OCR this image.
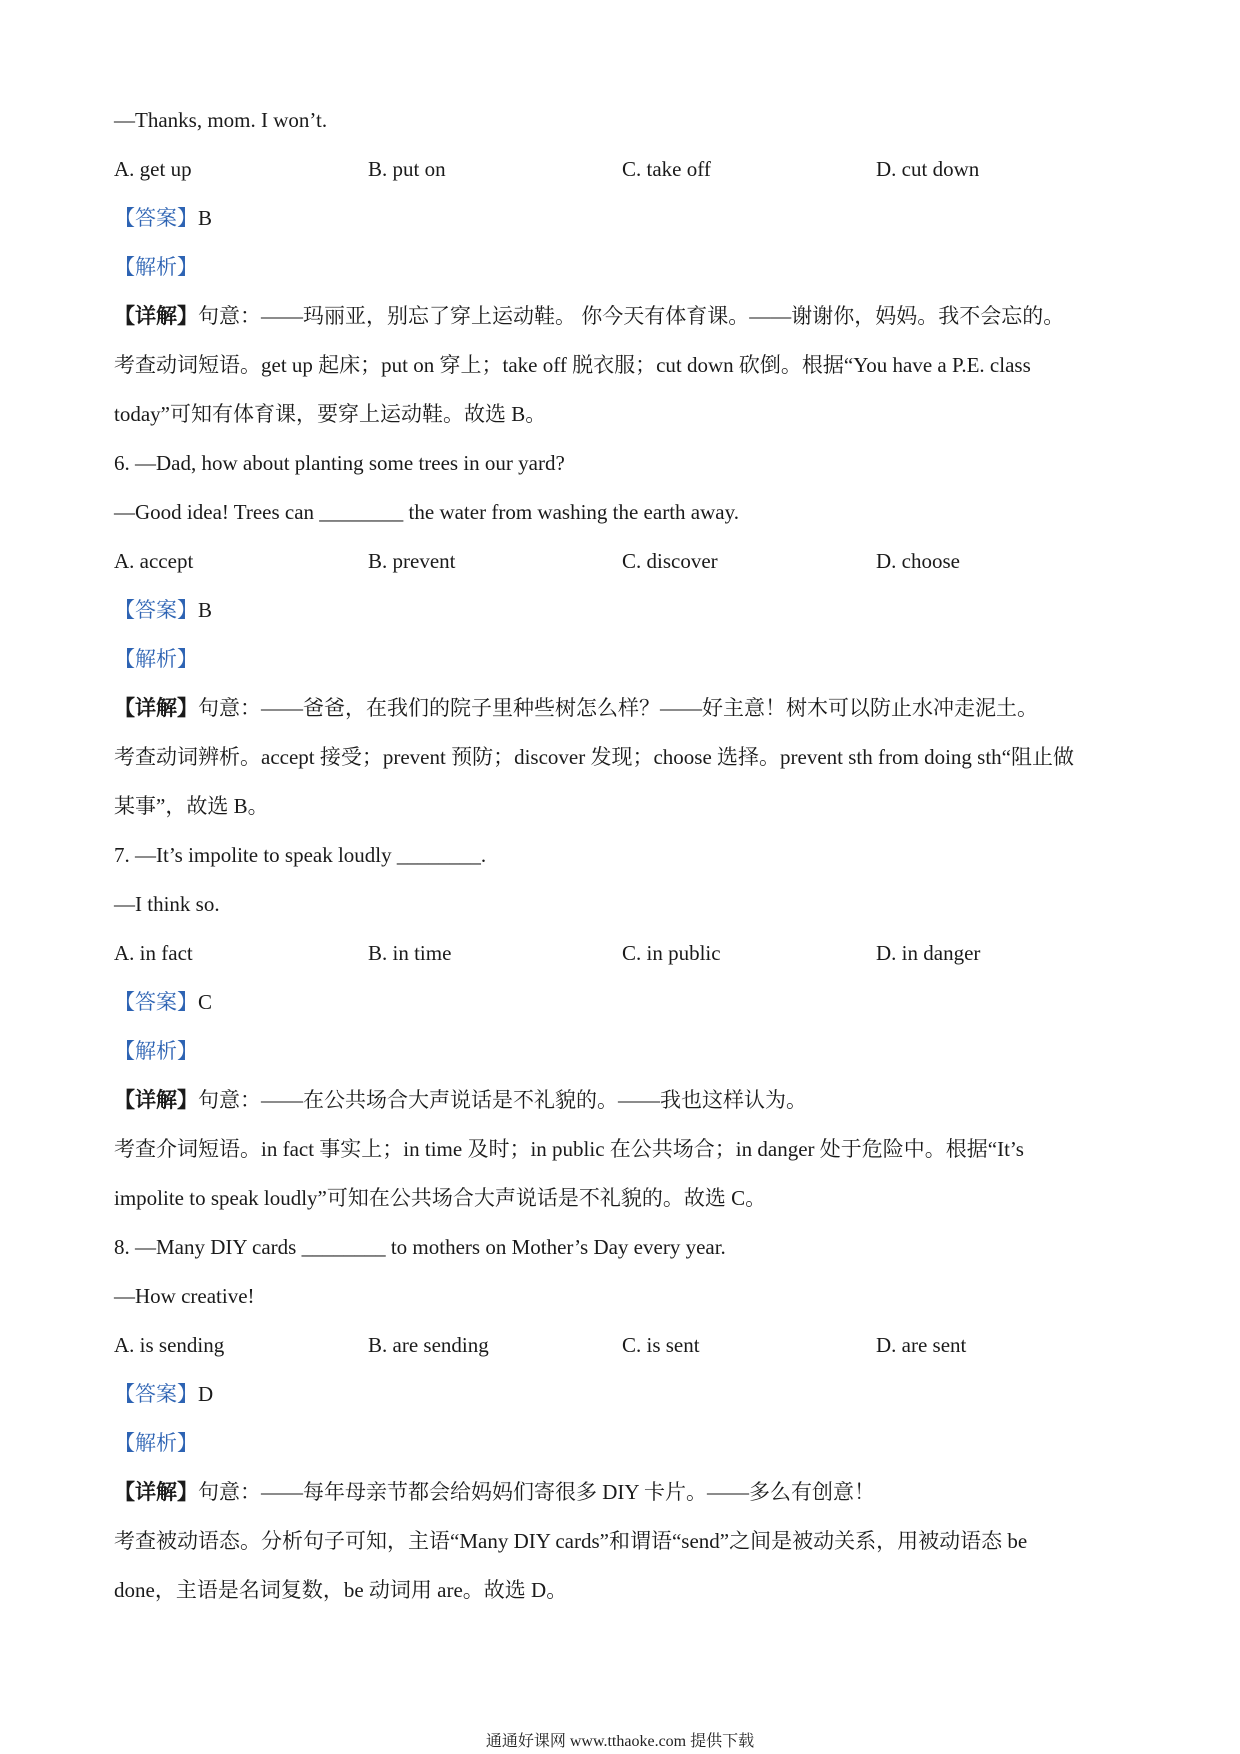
—Thanks, mom. I won’t.
A. get up	B. put on	C. take off	D. cut down
【答案】B
【解析】
【详解】句意：——玛丽亚，别忘了穿上运动鞋。 你今天有体育课。——谢谢你，妈妈。我不会忘的。
考查动词短语。get up 起床；put on 穿上；take off 脱衣服；cut down 砍倒。根据“You have a P.E. class
today”可知有体育课，要穿上运动鞋。故选 B。
6. —Dad, how about planting some trees in our yard?
—Good idea! Trees can ________ the water from washing the earth away.
A. accept	B. prevent	C. discover	D. choose
【答案】B
【解析】
【详解】句意：——爸爸，在我们的院子里种些树怎么样？——好主意！树木可以防止水冲走泥土。
考查动词辨析。accept 接受；prevent 预防；discover 发现；choose 选择。prevent sth from doing sth“阻止做
某事”，故选 B。
7. —It’s impolite to speak loudly ________.
—I think so.
A. in fact	B. in time	C. in public	D. in danger
【答案】C
【解析】
【详解】句意：——在公共场合大声说话是不礼貌的。——我也这样认为。
考查介词短语。in fact 事实上；in time 及时；in public 在公共场合；in danger 处于危险中。根据“It’s
impolite to speak loudly”可知在公共场合大声说话是不礼貌的。故选 C。
8. —Many DIY cards ________ to mothers on Mother’s Day every year.
—How creative!
A. is sending	B. are sending	C. is sent	D. are sent
【答案】D
【解析】
【详解】句意：——每年母亲节都会给妈妈们寄很多 DIY 卡片。——多么有创意！
考查被动语态。分析句子可知，主语“Many DIY cards”和谓语“send”之间是被动关系，用被动语态 be
done，主语是名词复数，be 动词用 are。故选 D。
通通好课网 www.tthaoke.com 提供下载
